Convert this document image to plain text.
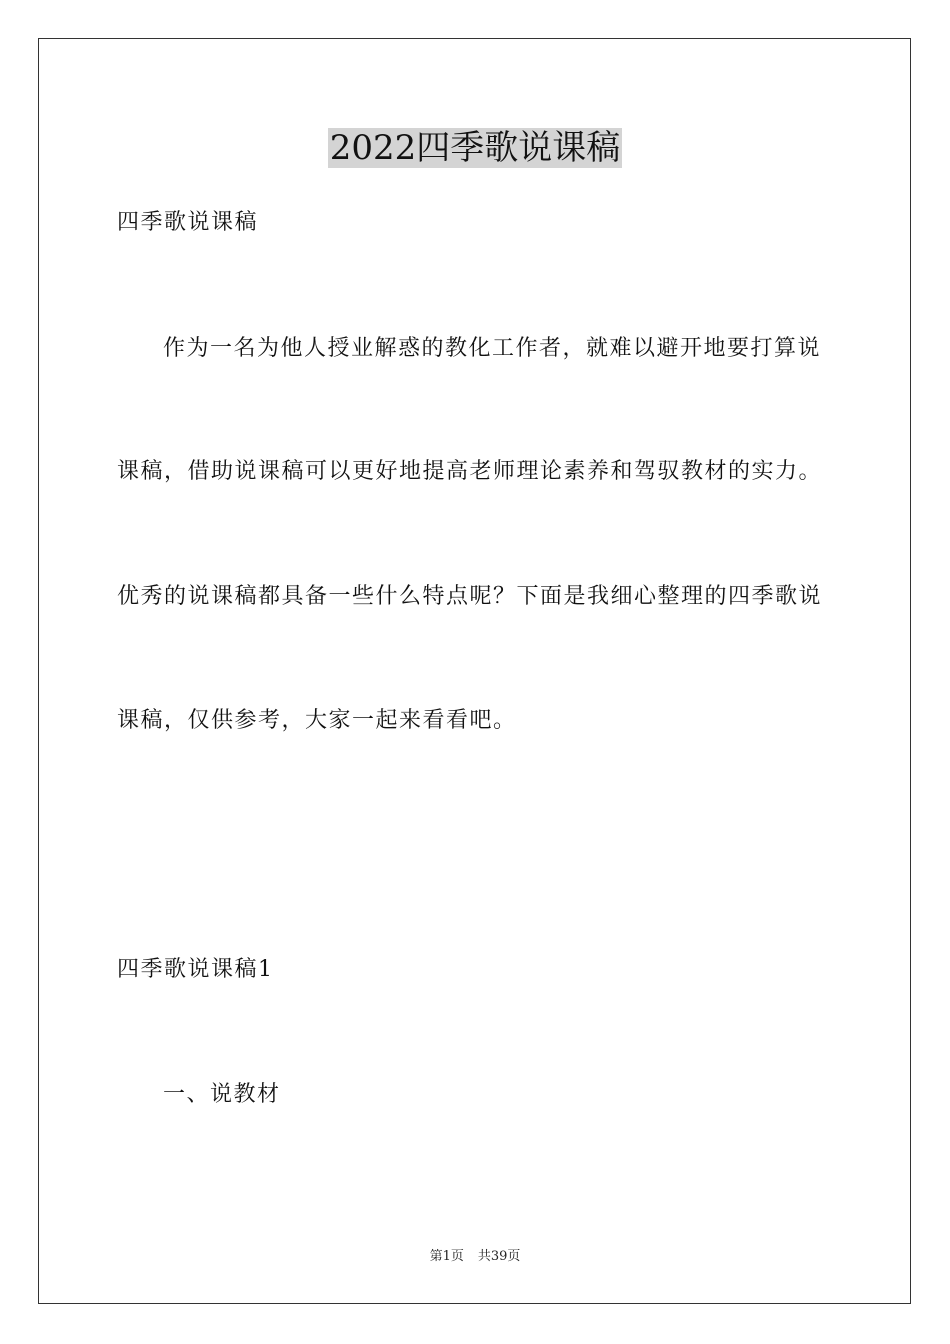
2022四季歌说课稿
四季歌说课稿
作为一名为他人授业解惑的教化工作者，就难以避开地要打算说
课稿，借助说课稿可以更好地提高老师理论素养和驾驭教材的实力。
优秀的说课稿都具备一些什么特点呢？下面是我细心整理的四季歌说
课稿，仅供参考，大家一起来看看吧。
四季歌说课稿1
一、说教材
第1页 共39页
